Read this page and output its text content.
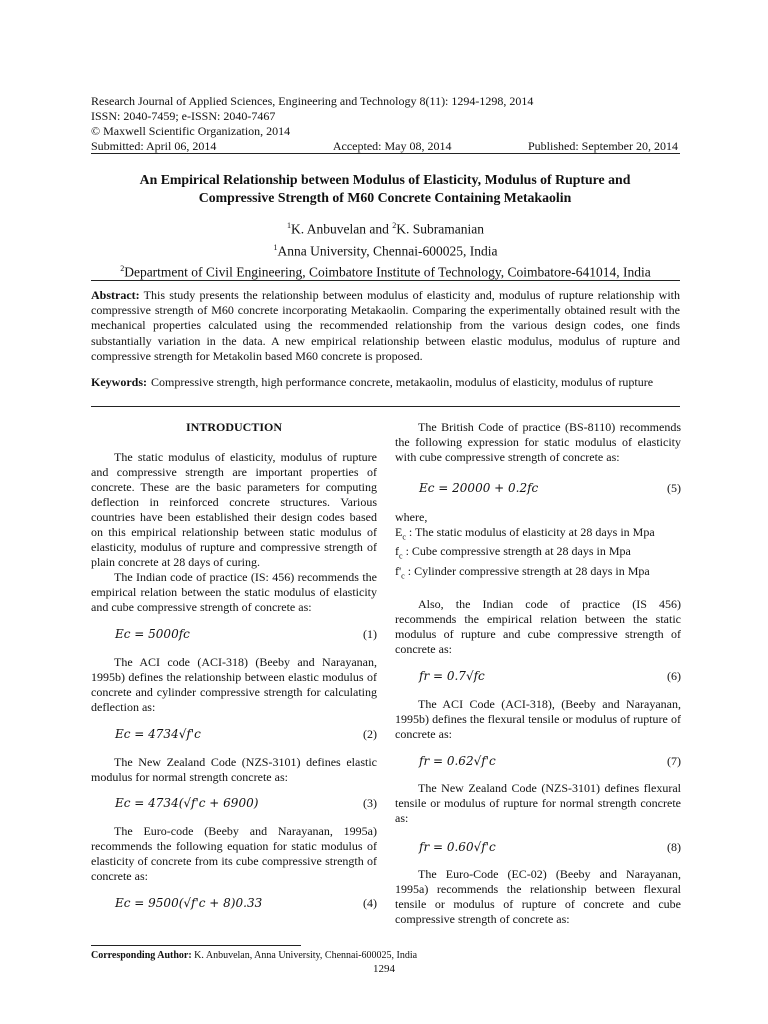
Research Journal of Applied Sciences, Engineering and Technology 8(11): 1294-1298, 2014
ISSN: 2040-7459; e-ISSN: 2040-7467
© Maxwell Scientific Organization, 2014
Submitted: April 06, 2014	Accepted: May 08, 2014	Published: September 20, 2014
An Empirical Relationship between Modulus of Elasticity, Modulus of Rupture and Compressive Strength of M60 Concrete Containing Metakaolin
$^1$K. Anbuvelan and $^2$K. Subramanian
$^1$Anna University, Chennai-600025, India
$^2$Department of Civil Engineering, Coimbatore Institute of Technology, Coimbatore-641014, India
Abstract: This study presents the relationship between modulus of elasticity and, modulus of rupture relationship with compressive strength of M60 concrete incorporating Metakaolin. Comparing the experimentally obtained result with the mechanical properties calculated using the recommended relationship from the various design codes, one finds substantially variation in the data. A new empirical relationship between elastic modulus, modulus of rupture and compressive strength for Metakolin based M60 concrete is proposed.
Keywords: Compressive strength, high performance concrete, metakaolin, modulus of elasticity, modulus of rupture

INTRODUCTION

The static modulus of elasticity, modulus of rupture and compressive strength are important properties of concrete. These are the basic parameters for computing deflection in reinforced concrete structures. Various countries have been established their design codes based on this empirical relationship between static modulus of elasticity, modulus of rupture and compressive strength of plain concrete at 28 days of curing.

The Indian code of practice (IS: 456) recommends the empirical relation between the static modulus of elasticity and cube compressive strength of concrete as:

Ec = 5000fc	(1)

The ACI code (ACI-318) (Beeby and Narayanan, 1995b) defines the relationship between elastic modulus of concrete and cylinder compressive strength for calculating deflection as:

Ec = 4734√f'c	(2)

The New Zealand Code (NZS-3101) defines elastic modulus for normal strength concrete as:

Ec = 4734(√f'c + 6900)	(3)

The Euro-code (Beeby and Narayanan, 1995a) recommends the following equation for static modulus of elasticity of concrete from its cube compressive strength of concrete as:

Ec = 9500(√f'c + 8)0.33	(4)

The British Code of practice (BS-8110) recommends the following expression for static modulus of elasticity with cube compressive strength of concrete as:

Ec = 20000 + 0.2fc	(5)

where,

$E_c$ : The static modulus of elasticity at 28 days in Mpa
$f_c$ : Cube compressive strength at 28 days in Mpa
$f'_c$ : Cylinder compressive strength at 28 days in Mpa

Also, the Indian code of practice (IS 456) recommends the empirical relation between the static modulus of rupture and cube compressive strength of concrete as:

fr = 0.7√fc	(6)

The ACI Code (ACI-318), (Beeby and Narayanan, 1995b) defines the flexural tensile or modulus of rupture of concrete as:

fr = 0.62√f'c	(7)

The New Zealand Code (NZS-3101) defines flexural tensile or modulus of rupture for normal strength concrete as:

fr = 0.60√f'c	(8)

The Euro-Code (EC-02) (Beeby and Narayanan, 1995a) recommends the relationship between flexural tensile or modulus of rupture of concrete and cube compressive strength of concrete as:

Corresponding Author: K. Anbuvelan, Anna University, Chennai-600025, India
1294
